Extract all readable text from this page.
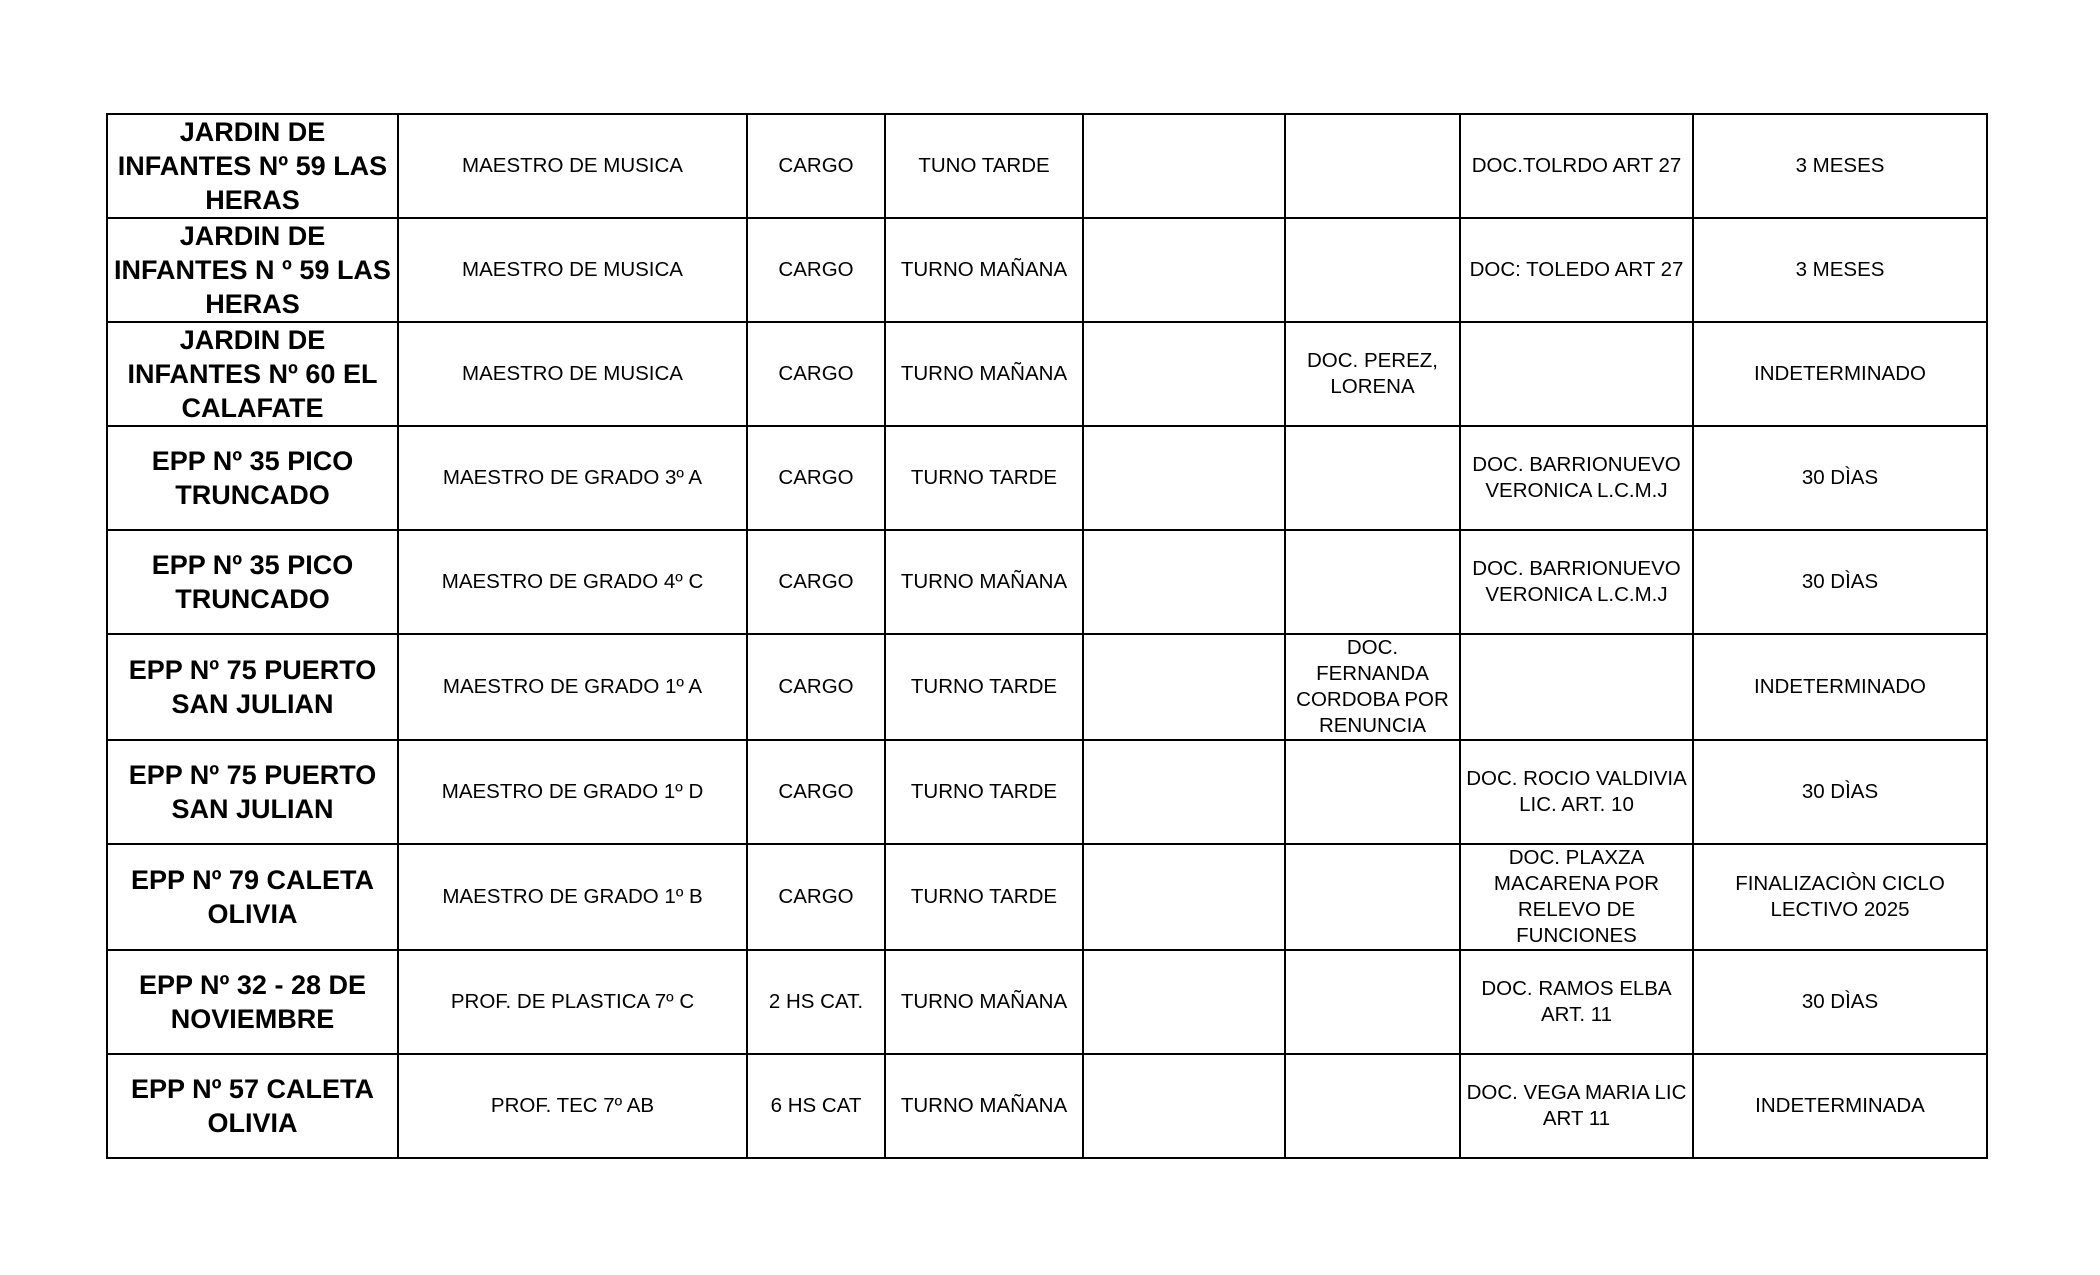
JARDIN DE INFANTES Nº 59 LAS HERAS	MAESTRO DE MUSICA	CARGO	TUNO TARDE			DOC.TOLRDO ART 27	3 MESES
JARDIN DE INFANTES N º 59 LAS HERAS	MAESTRO DE MUSICA	CARGO	TURNO MAÑANA			DOC: TOLEDO ART 27	3 MESES
JARDIN DE INFANTES Nº 60 EL CALAFATE	MAESTRO DE MUSICA	CARGO	TURNO MAÑANA		DOC. PEREZ, LORENA		INDETERMINADO
EPP Nº 35 PICO TRUNCADO	MAESTRO DE GRADO 3º A	CARGO	TURNO TARDE			DOC. BARRIONUEVO VERONICA L.C.M.J	30 DÌAS
EPP Nº 35 PICO TRUNCADO	MAESTRO DE GRADO 4º C	CARGO	TURNO MAÑANA			DOC. BARRIONUEVO VERONICA L.C.M.J	30 DÌAS
EPP Nº 75 PUERTO SAN JULIAN	MAESTRO DE GRADO 1º A	CARGO	TURNO TARDE		DOC. FERNANDA CORDOBA POR RENUNCIA		INDETERMINADO
EPP Nº 75 PUERTO SAN JULIAN	MAESTRO DE GRADO 1º D	CARGO	TURNO TARDE			DOC. ROCIO VALDIVIA LIC. ART. 10	30 DÌAS
EPP Nº 79 CALETA OLIVIA	MAESTRO DE GRADO 1º B	CARGO	TURNO TARDE			DOC. PLAXZA MACARENA POR RELEVO DE FUNCIONES	FINALIZACIÒN CICLO LECTIVO 2025
EPP Nº 32 - 28 DE NOVIEMBRE	PROF. DE PLASTICA 7º C	2 HS CAT.	TURNO MAÑANA			DOC. RAMOS ELBA ART. 11	30 DÌAS
EPP Nº 57 CALETA OLIVIA	PROF. TEC 7º AB	6 HS CAT	TURNO MAÑANA			DOC. VEGA MARIA LIC ART 11	INDETERMINADA
